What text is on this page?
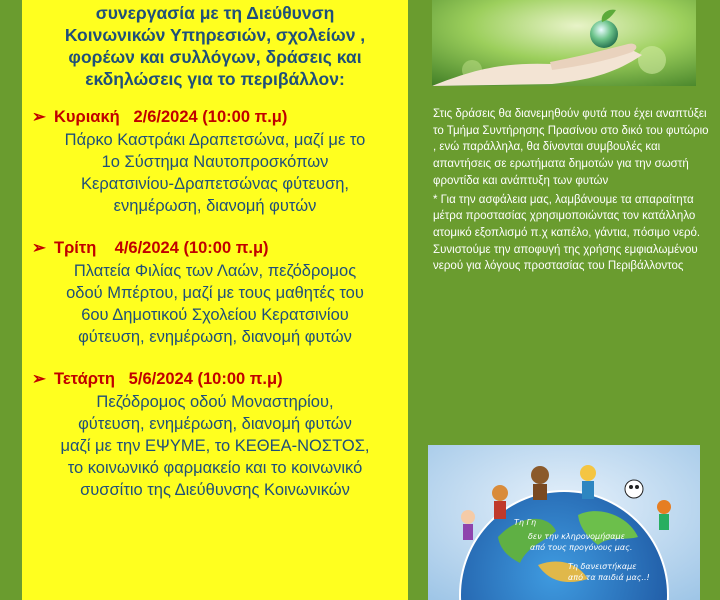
συνεργασία με τη Διεύθυνση
Κοινωνικών Υπηρεσιών, σχολείων ,
φορέων και συλλόγων, δράσεις και
εκδηλώσεις για το περιβάλλον:
➢ Κυριακή   2/6/2024 (10:00 π.μ)
Πάρκο Καστράκι Δραπετσώνα, μαζί με το
1ο Σύστημα Ναυτοπροσκόπων
Κερατσινίου-Δραπετσώνας φύτευση,
ενημέρωση, διανομή φυτών
➢ Τρίτη    4/6/2024 (10:00 π.μ)
Πλατεία Φιλίας των Λαών, πεζόδρομος
οδού Μπέρτου, μαζί με τους μαθητές του
6ου Δημοτικού Σχολείου Κερατσινίου
φύτευση, ενημέρωση, διανομή φυτών
➢ Τετάρτη   5/6/2024 (10:00 π.μ)
Πεζόδρομος οδού Μοναστηρίου,
φύτευση, ενημέρωση, διανομή φυτών
μαζί με την ΕΨΥΜΕ, το ΚΕΘΕΑ-ΝΟΣΤΟΣ,
το κοινωνικό φαρμακείο και το κοινωνικό
συσσίτιο της Διεύθυνσης Κοινωνικών

Στις δράσεις θα διανεμηθούν φυτά που έχει αναπτύξει το Τμήμα Συντήρησης Πρασίνου στο δικό του φυτώριο , ενώ παράλληλα, θα δίνονται συμβουλές και απαντήσεις σε ερωτήματα δημοτών για την σωστή φροντίδα και ανάπτυξη των φυτών

* Για την ασφάλεια μας, λαμβάνουμε τα απαραίτητα μέτρα προστασίας χρησιμοποιώντας τον κατάλληλο ατομικό εξοπλισμό π.χ καπέλο, γάντια, πόσιμο νερό. Συνιστούμε την αποφυγή της χρήσης εμφιαλωμένου νερού για λόγους προστασίας του Περιβάλλοντος

Τη Γη
δεν την κληρονομήσαμε
από τους προγόνους μας.
Τη δανειστήκαμε
από τα παιδιά μας..!
